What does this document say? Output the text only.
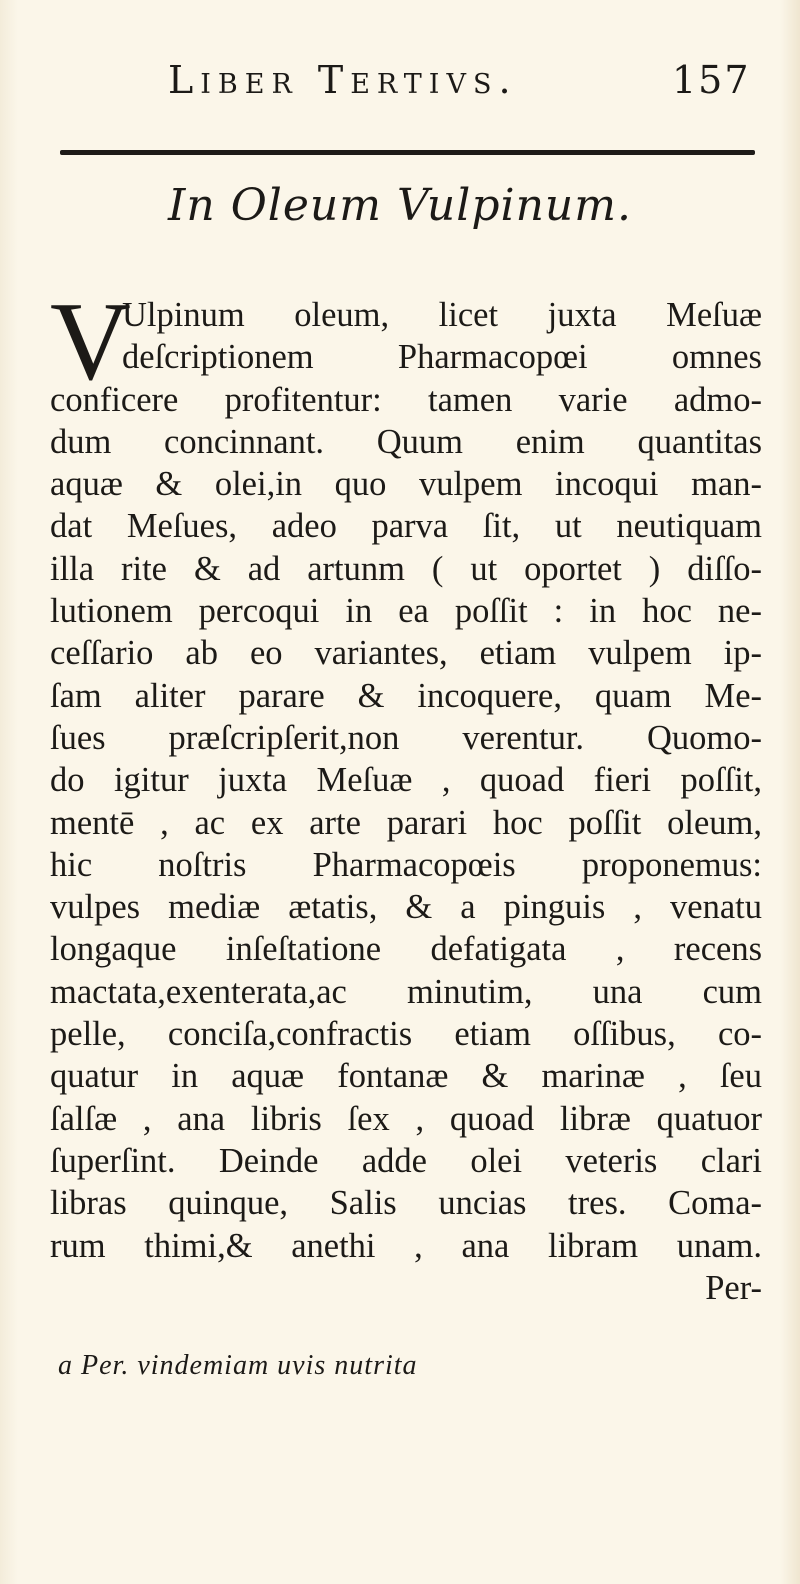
Liber Tertivs.	157
In Oleum Vulpinum.
V
Ulpinum oleum, licet juxta Meſuæ
deſcriptionem Pharmacopœi omnes
conficere profitentur: tamen varie admo-
dum concinnant. Quum enim quantitas
aquæ & olei,in quo vulpem incoqui man-
dat Meſues, adeo parva ſit, ut neutiquam
illa rite & ad artunm ( ut oportet ) diſſo-
lutionem percoqui in ea poſſit : in hoc ne-
ceſſario ab eo variantes, etiam vulpem ip-
ſam aliter parare & incoquere, quam Me-
ſues præſcripſerit,non verentur. Quomo-
do igitur juxta Meſuæ , quoad fieri poſſit,
mentē , ac ex arte parari hoc poſſit oleum,
hic noſtris Pharmacopœis proponemus:
vulpes mediæ ætatis, & a pinguis , venatu
longaque inſeſtatione defatigata , recens
mactata,exenterata,ac minutim, una cum
pelle, conciſa,confractis etiam oſſibus, co-
quatur in aquæ fontanæ & marinæ , ſeu
ſalſæ , ana libris ſex , quoad libræ quatuor
ſuperſint. Deinde adde olei veteris clari
libras quinque, Salis uncias tres. Coma-
rum thimi,& anethi , ana libram unam.
Per-
a Per. vindemiam uvis nutrita
